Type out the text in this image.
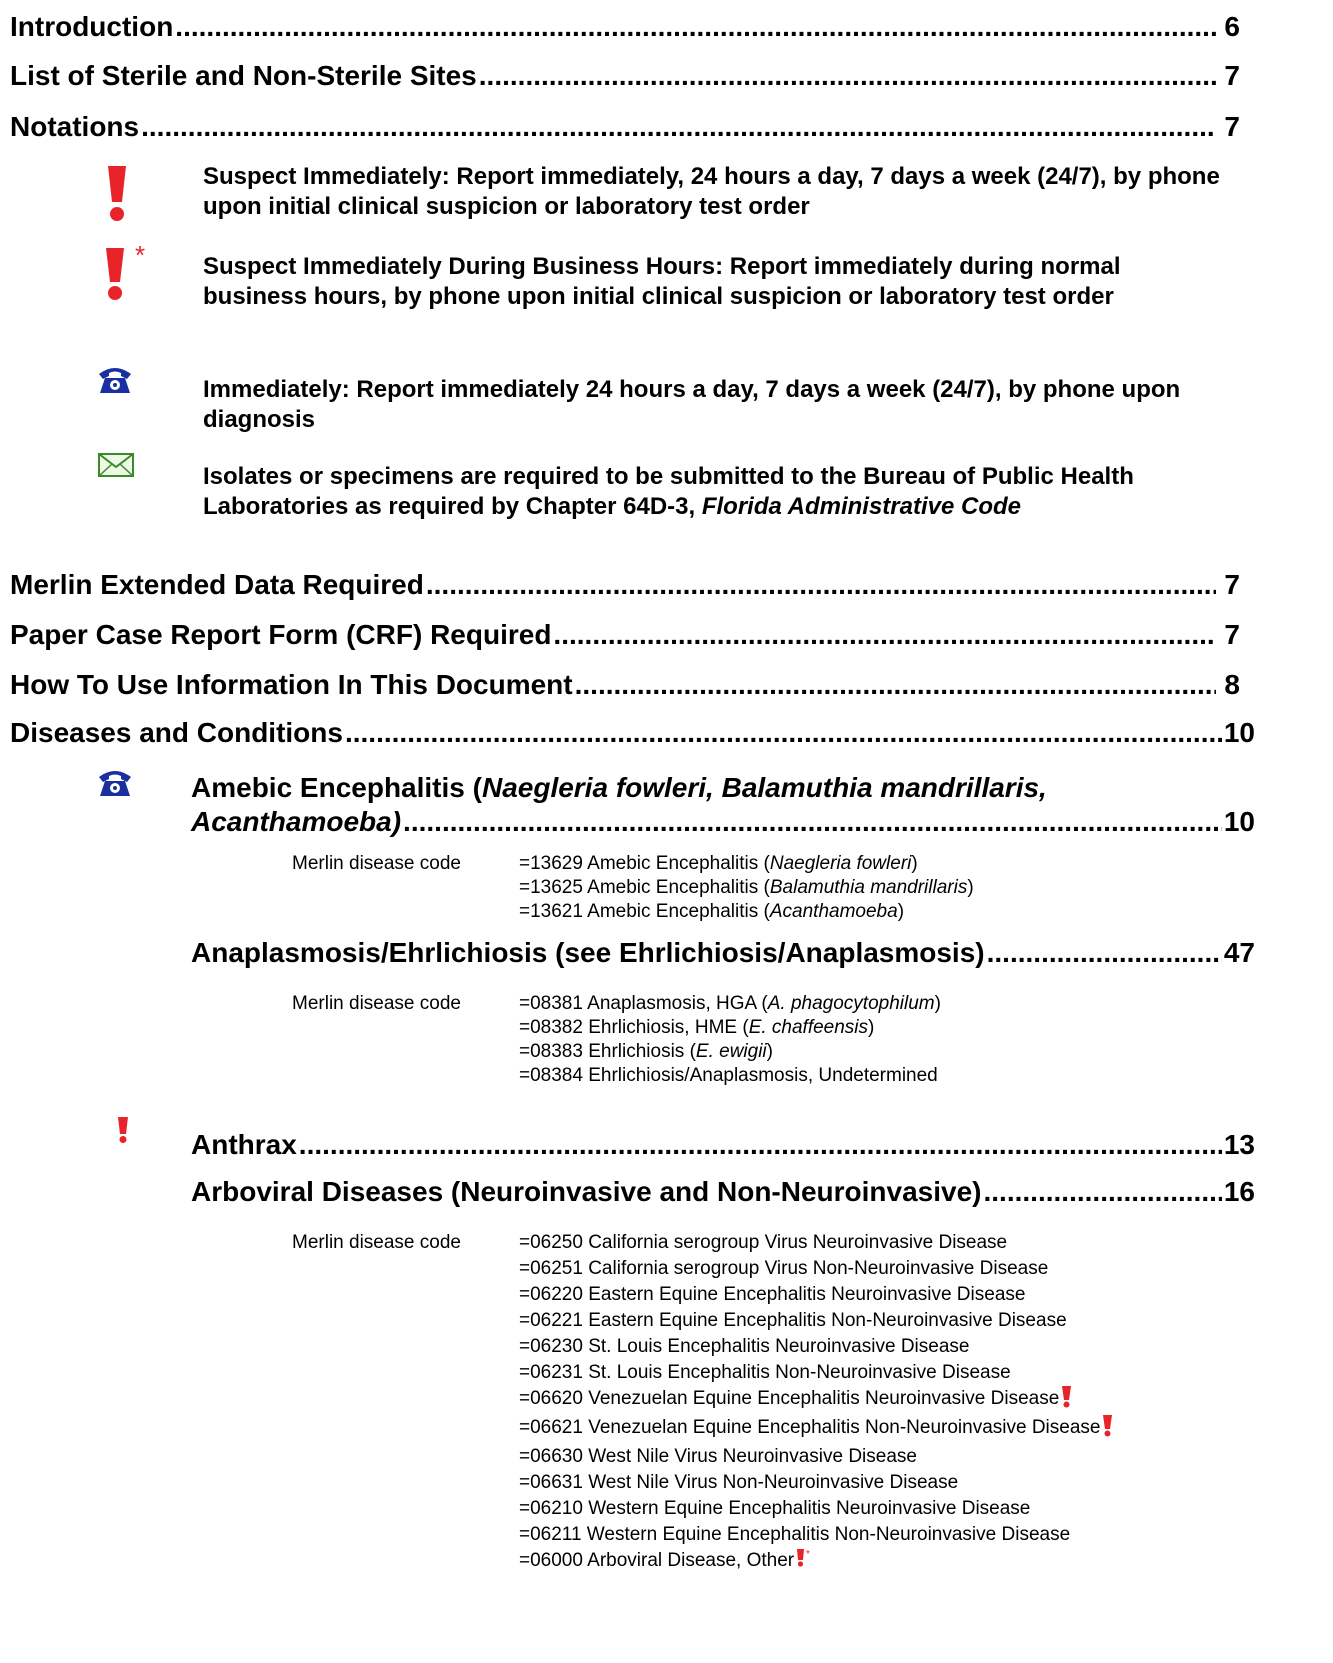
Introduction .....	6
List of Sterile and Non-Sterile Sites .....	7
Notations .....	7
Suspect Immediately: Report immediately, 24 hours a day, 7 days a week (24/7), by phone upon initial clinical suspicion or laboratory test order
* Suspect Immediately During Business Hours: Report immediately during normal business hours, by phone upon initial clinical suspicion or laboratory test order
Immediately: Report immediately 24 hours a day, 7 days a week (24/7), by phone upon diagnosis
Isolates or specimens are required to be submitted to the Bureau of Public Health Laboratories as required by Chapter 64D-3, Florida Administrative Code
Merlin Extended Data Required .....	7
Paper Case Report Form (CRF) Required .....	7
How To Use Information In This Document .....	8
Diseases and Conditions .....	10
Amebic Encephalitis ( Naegleria fowleri, Balamuthia mandrillaris,
Acanthamoeba) .....	10
Merlin disease code	=13629 Amebic Encephalitis (Naegleria fowleri)
=13625 Amebic Encephalitis (Balamuthia mandrillaris)
=13621 Amebic Encephalitis (Acanthamoeba)
Anaplasmosis/Ehrlichiosis (see Ehrlichiosis/Anaplasmosis) .....	47
Merlin disease code	=08381 Anaplasmosis, HGA (A. phagocytophilum)
=08382 Ehrlichiosis, HME (E. chaffeensis)
=08383 Ehrlichiosis (E. ewigii)
=08384 Ehrlichiosis/Anaplasmosis, Undetermined
Anthrax .....	13
Arboviral Diseases (Neuroinvasive and Non-Neuroinvasive) .....	16
Merlin disease code	=06250 California serogroup Virus Neuroinvasive Disease
=06251 California serogroup Virus Non-Neuroinvasive Disease
=06220 Eastern Equine Encephalitis Neuroinvasive Disease
=06221 Eastern Equine Encephalitis Non-Neuroinvasive Disease
=06230 St. Louis Encephalitis Neuroinvasive Disease
=06231 St. Louis Encephalitis Non-Neuroinvasive Disease
=06620 Venezuelan Equine Encephalitis Neuroinvasive Disease
=06621 Venezuelan Equine Encephalitis Non-Neuroinvasive Disease
=06630 West Nile Virus Neuroinvasive Disease
=06631 West Nile Virus Non-Neuroinvasive Disease
=06210 Western Equine Encephalitis Neuroinvasive Disease
=06211 Western Equine Encephalitis Non-Neuroinvasive Disease
=06000 Arboviral Disease, Other *
